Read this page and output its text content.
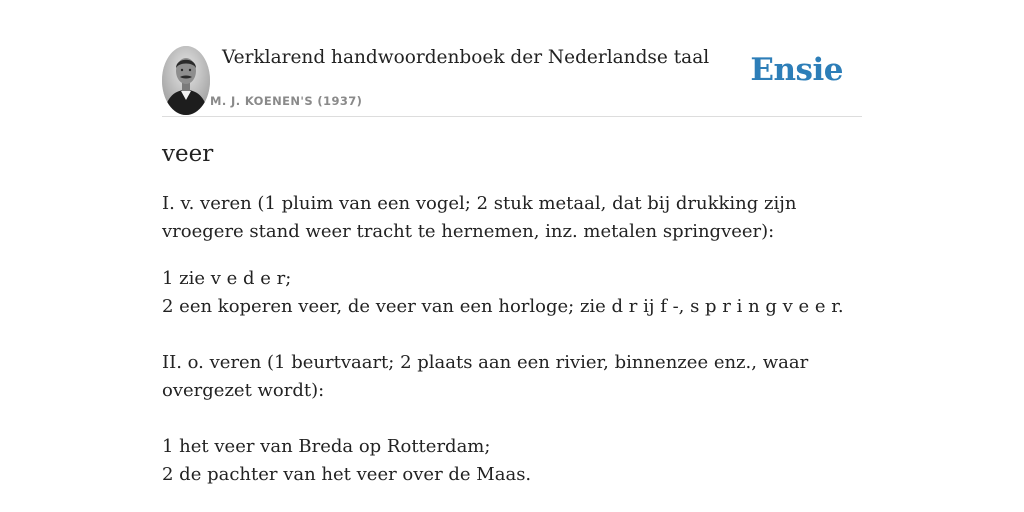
Verklarend handwoordenboek der Nederlandse taal
M. J. KOENEN'S (1937)
Ensie
veer

I. v. veren (1 pluim van een vogel; 2 stuk metaal, dat bij drukking zijn vroegere stand weer tracht te hernemen, inz. metalen springveer):

1 zie v e d e r;

2 een koperen veer, de veer van een horloge; zie d r ij f -, s p r i n g v e e r.

II. o. veren (1 beurtvaart; 2 plaats aan een rivier, binnenzee enz., waar overgezet wordt):

1 het veer van Breda op Rotterdam;

2 de pachter van het veer over de Maas.
